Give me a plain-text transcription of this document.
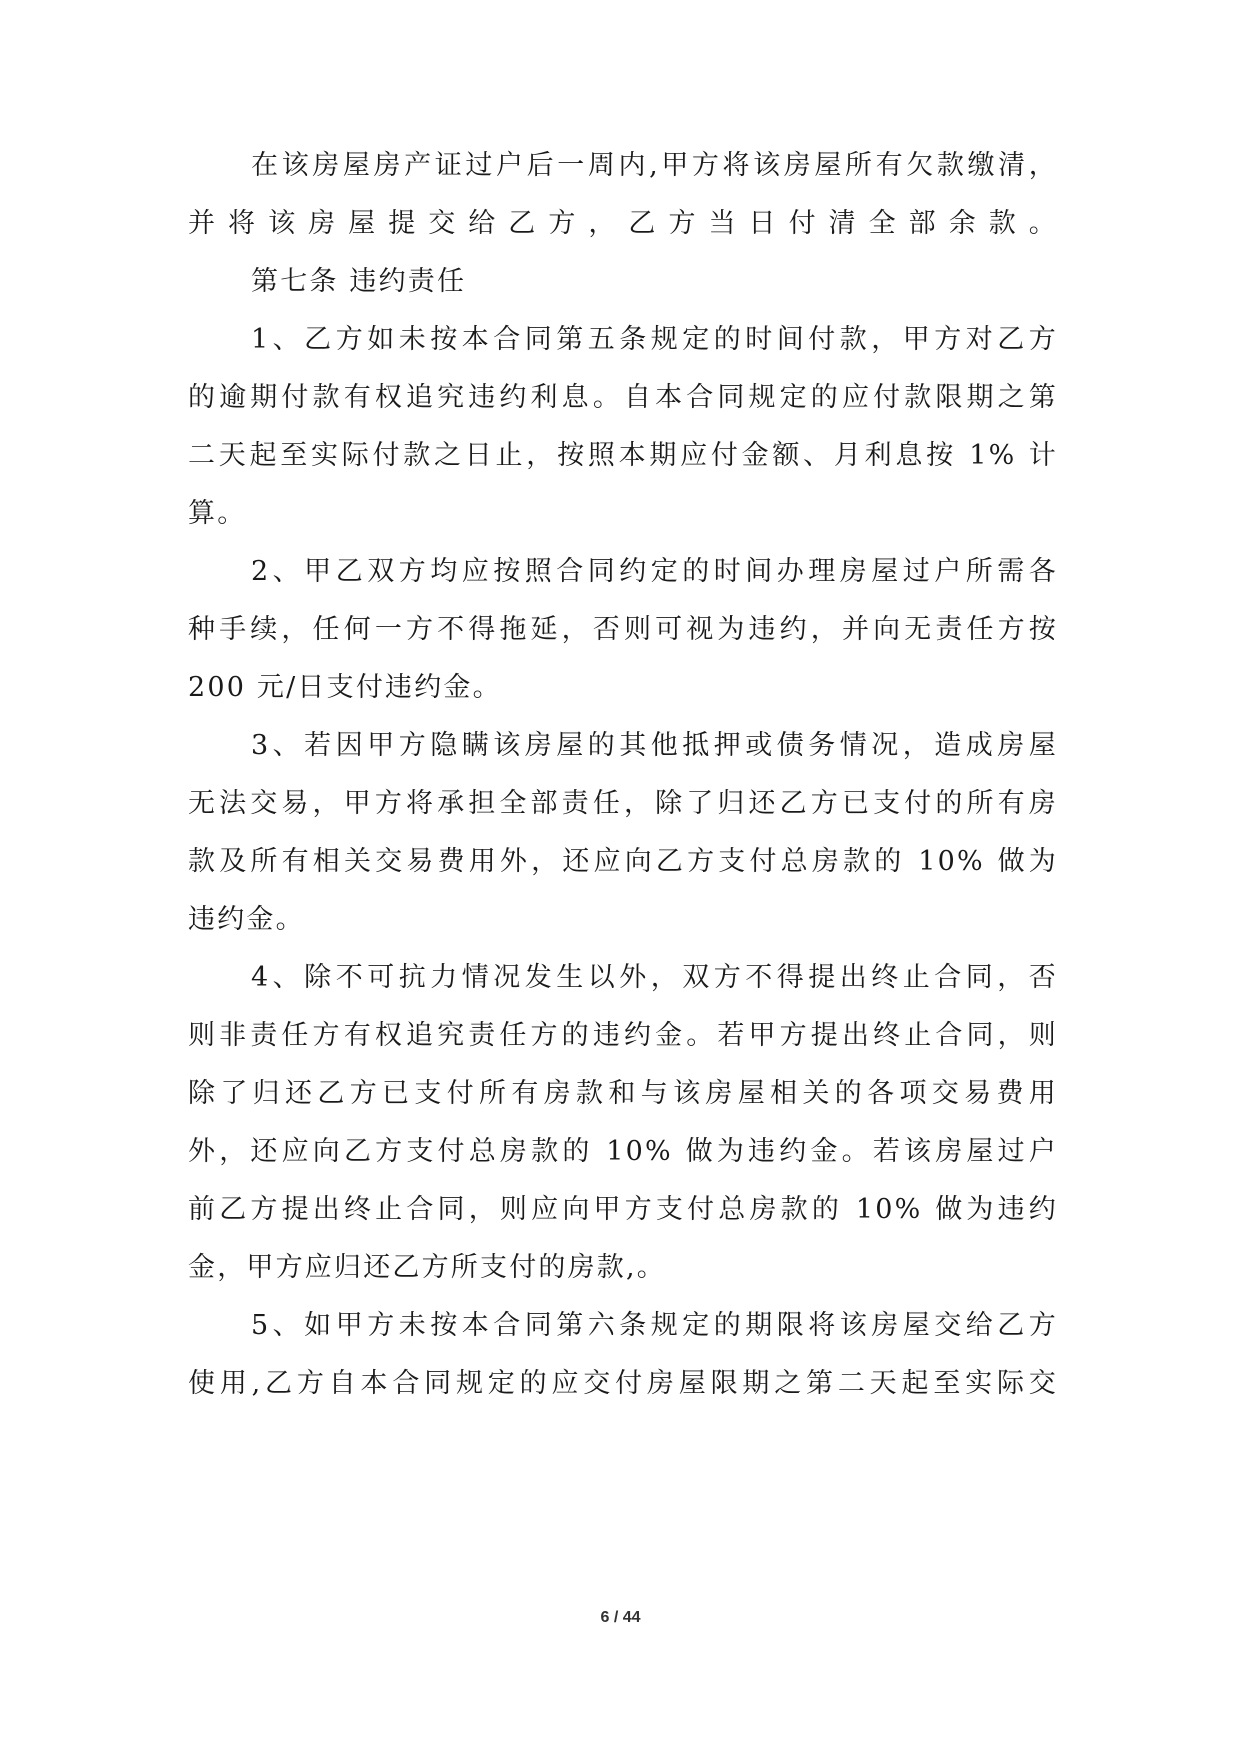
在该房屋房产证过户后一周内,甲方将该房屋所有欠款缴清，
并将该房屋提交给乙方，乙方当日付清全部余款。
第七条 违约责任
1、乙方如未按本合同第五条规定的时间付款，甲方对乙方
的逾期付款有权追究违约利息。自本合同规定的应付款限期之第
二天起至实际付款之日止，按照本期应付金额、月利息按 1% 计
算。
2、甲乙双方均应按照合同约定的时间办理房屋过户所需各
种手续，任何一方不得拖延，否则可视为违约，并向无责任方按
200 元/日支付违约金。
3、若因甲方隐瞒该房屋的其他抵押或债务情况，造成房屋
无法交易，甲方将承担全部责任，除了归还乙方已支付的所有房
款及所有相关交易费用外，还应向乙方支付总房款的 10% 做为
违约金。
4、除不可抗力情况发生以外，双方不得提出终止合同，否
则非责任方有权追究责任方的违约金。若甲方提出终止合同，则
除了归还乙方已支付所有房款和与该房屋相关的各项交易费用
外，还应向乙方支付总房款的 10% 做为违约金。若该房屋过户
前乙方提出终止合同，则应向甲方支付总房款的 10% 做为违约
金，甲方应归还乙方所支付的房款,。
5、如甲方未按本合同第六条规定的期限将该房屋交给乙方
使用,乙方自本合同规定的应交付房屋限期之第二天起至实际交
6 / 44
